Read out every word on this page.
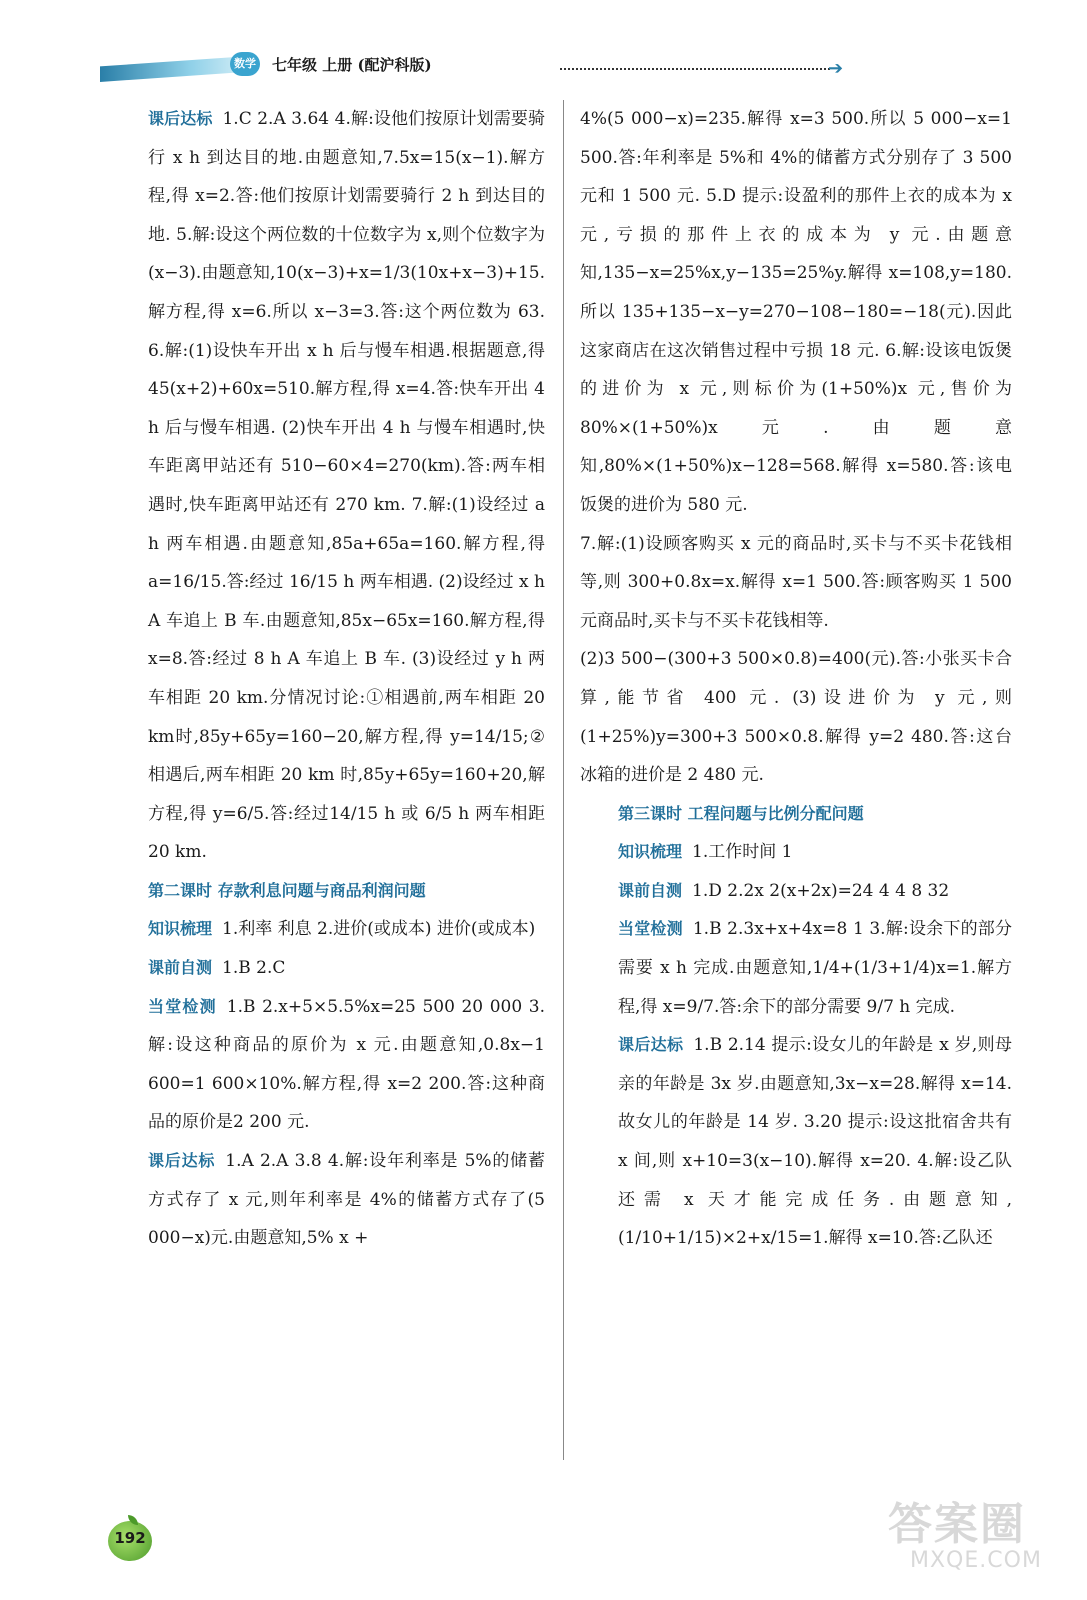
数学 七年级 上册 (配沪科版)	➔

课后达标 1.C 2.A 3.64 4.解:设他们按原计划需要骑行 x h 到达目的地.由题意知,7.5x=15(x−1).解方程,得 x=2.答:他们按原计划需要骑行 2 h 到达目的地. 5.解:设这个两位数的十位数字为 x,则个位数字为(x−3).由题意知,10(x−3)+x=1/3(10x+x−3)+15.解方程,得 x=6.所以 x−3=3.答:这个两位数为 63. 6.解:(1)设快车开出 x h 后与慢车相遇.根据题意,得 45(x+2)+60x=510.解方程,得 x=4.答:快车开出 4 h 后与慢车相遇. (2)快车开出 4 h 与慢车相遇时,快车距离甲站还有 510−60×4=270(km).答:两车相遇时,快车距离甲站还有 270 km. 7.解:(1)设经过 a h 两车相遇.由题意知,85a+65a=160.解方程,得 a=16/15.答:经过 16/15 h 两车相遇. (2)设经过 x h A 车追上 B 车.由题意知,85x−65x=160.解方程,得 x=8.答:经过 8 h A 车追上 B 车. (3)设经过 y h 两车相距 20 km.分情况讨论:①相遇前,两车相距 20 km时,85y+65y=160−20,解方程,得 y=14/15;②相遇后,两车相距 20 km 时,85y+65y=160+20,解方程,得 y=6/5.答:经过14/15 h 或 6/5 h 两车相距 20 km.

第二课时 存款利息问题与商品利润问题

知识梳理 1.利率 利息 2.进价(或成本) 进价(或成本)

课前自测 1.B 2.C

当堂检测 1.B 2.x+5×5.5%x=25 500 20 000 3.解:设这种商品的原价为 x 元.由题意知,0.8x−1 600=1 600×10%.解方程,得 x=2 200.答:这种商品的原价是2 200 元.

课后达标 1.A 2.A 3.8 4.解:设年利率是 5%的储蓄方式存了 x 元,则年利率是 4%的储蓄方式存了(5 000−x)元.由题意知,5% x +

4%(5 000−x)=235.解得 x=3 500.所以 5 000−x=1 500.答:年利率是 5%和 4%的储蓄方式分别存了 3 500 元和 1 500 元. 5.D 提示:设盈利的那件上衣的成本为 x 元,亏损的那件上衣的成本为 y 元.由题意知,135−x=25%x,y−135=25%y.解得 x=108,y=180.所以 135+135−x−y=270−108−180=−18(元).因此这家商店在这次销售过程中亏损 18 元. 6.解:设该电饭煲的进价为 x 元,则标价为(1+50%)x 元,售价为 80%×(1+50%)x元.由题意知,80%×(1+50%)x−128=568.解得 x=580.答:该电饭煲的进价为 580 元.

7.解:(1)设顾客购买 x 元的商品时,买卡与不买卡花钱相等,则 300+0.8x=x.解得 x=1 500.答:顾客购买 1 500 元商品时,买卡与不买卡花钱相等.

(2)3 500−(300+3 500×0.8)=400(元).答:小张买卡合算,能节省 400 元. (3)设进价为 y 元,则(1+25%)y=300+3 500×0.8.解得 y=2 480.答:这台冰箱的进价是 2 480 元.

第三课时 工程问题与比例分配问题

知识梳理 1.工作时间 1

课前自测 1.D 2.2x 2(x+2x)=24 4 4 8 32

当堂检测 1.B 2.3x+x+4x=8 1 3.解:设余下的部分需要 x h 完成.由题意知,1/4+(1/3+1/4)x=1.解方程,得 x=9/7.答:余下的部分需要 9/7 h 完成.

课后达标 1.B 2.14 提示:设女儿的年龄是 x 岁,则母亲的年龄是 3x 岁.由题意知,3x−x=28.解得 x=14.故女儿的年龄是 14 岁. 3.20 提示:设这批宿舍共有 x 间,则 x+10=3(x−10).解得 x=20. 4.解:设乙队还需 x 天才能完成任务.由题意知,(1/10+1/15)×2+x/15=1.解得 x=10.答:乙队还

192	答案圈
MXQE.COM
